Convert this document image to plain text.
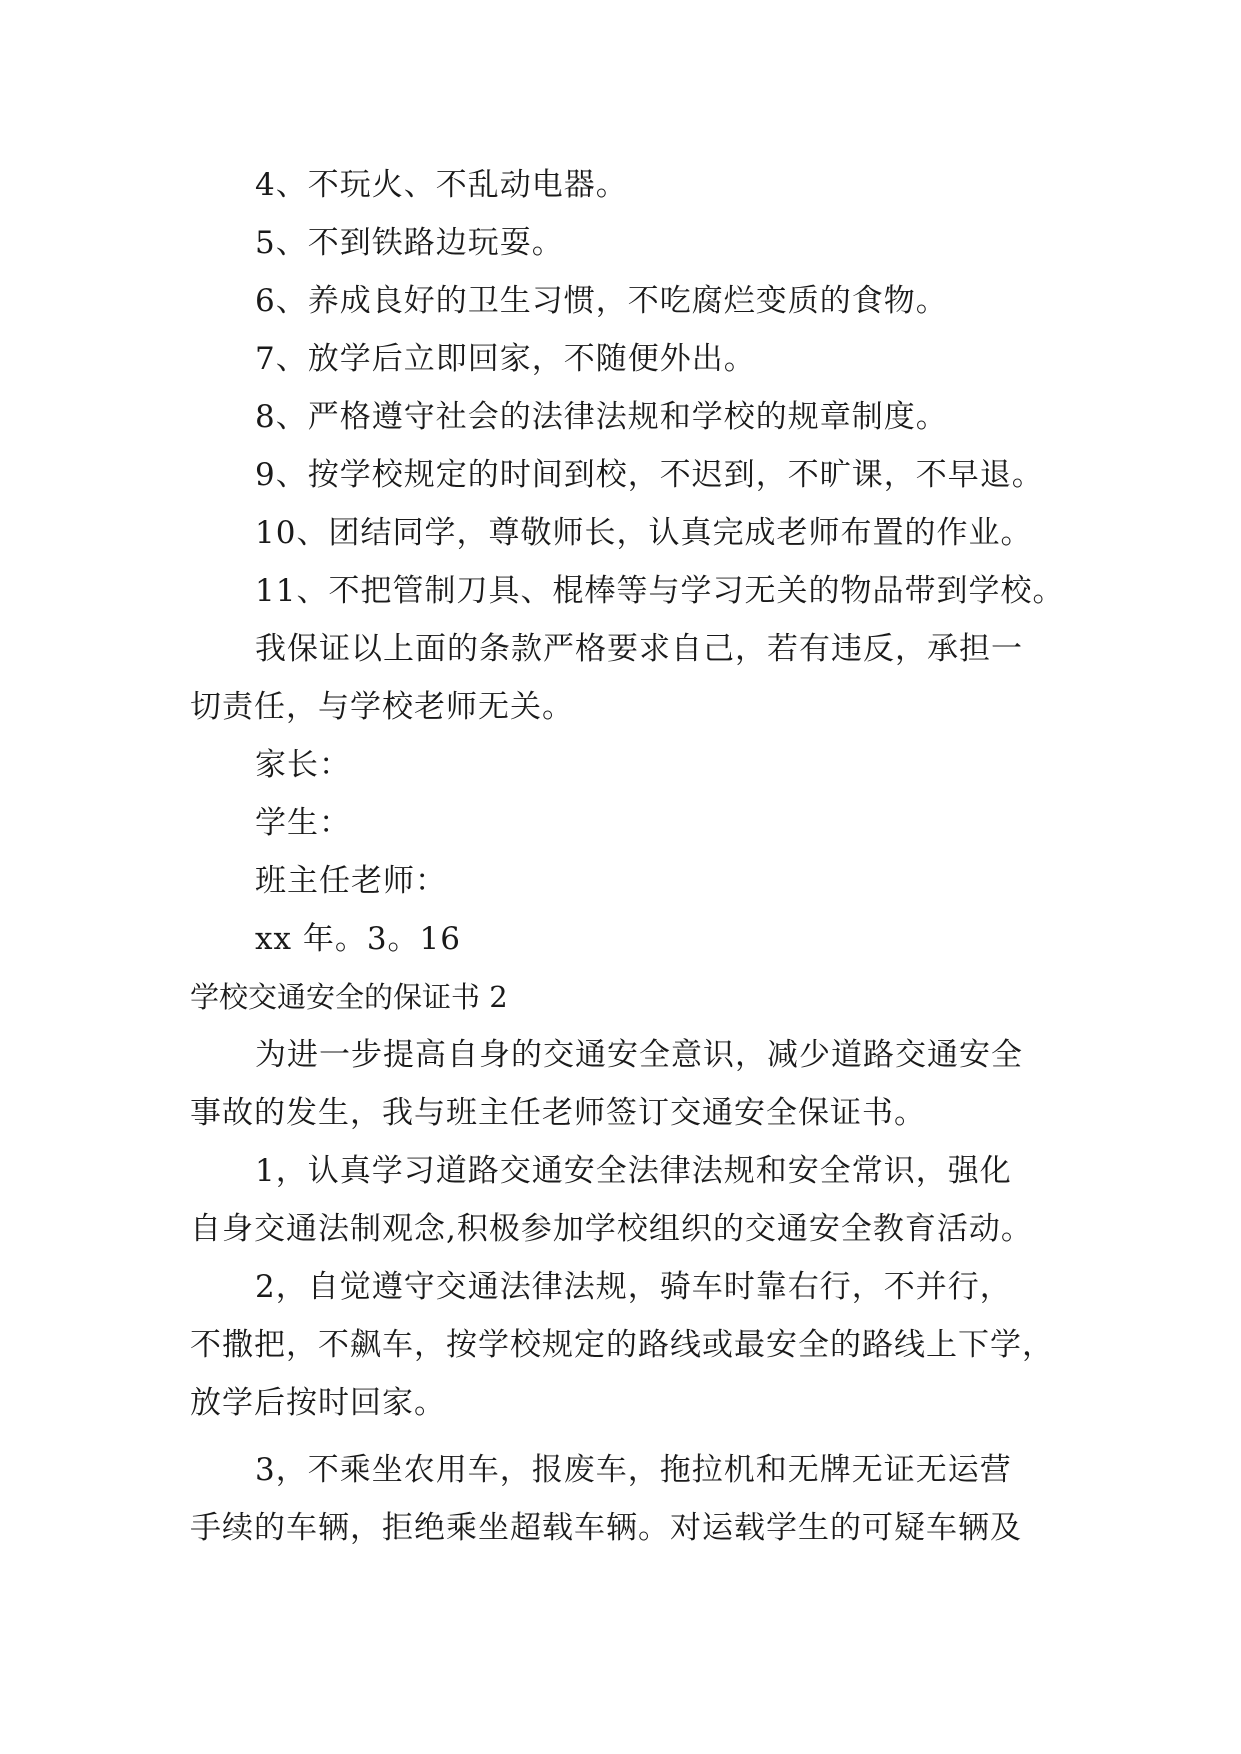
4、不玩火、不乱动电器。
5、不到铁路边玩耍。
6、养成良好的卫生习惯，不吃腐烂变质的食物。
7、放学后立即回家，不随便外出。
8、严格遵守社会的法律法规和学校的规章制度。
9、按学校规定的时间到校，不迟到，不旷课，不早退。
10、团结同学，尊敬师长，认真完成老师布置的作业。
11、不把管制刀具、棍棒等与学习无关的物品带到学校。
我保证以上面的条款严格要求自己，若有违反，承担一
切责任，与学校老师无关。
家长：
学生：
班主任老师：
xx 年。3。16
学校交通安全的保证书 2
为进一步提高自身的交通安全意识，减少道路交通安全
事故的发生，我与班主任老师签订交通安全保证书。
1，认真学习道路交通安全法律法规和安全常识，强化
自身交通法制观念,积极参加学校组织的交通安全教育活动。
2，自觉遵守交通法律法规，骑车时靠右行，不并行，
不撒把，不飙车，按学校规定的路线或最安全的路线上下学，
放学后按时回家。
3，不乘坐农用车，报废车，拖拉机和无牌无证无运营
手续的车辆，拒绝乘坐超载车辆。对运载学生的可疑车辆及
